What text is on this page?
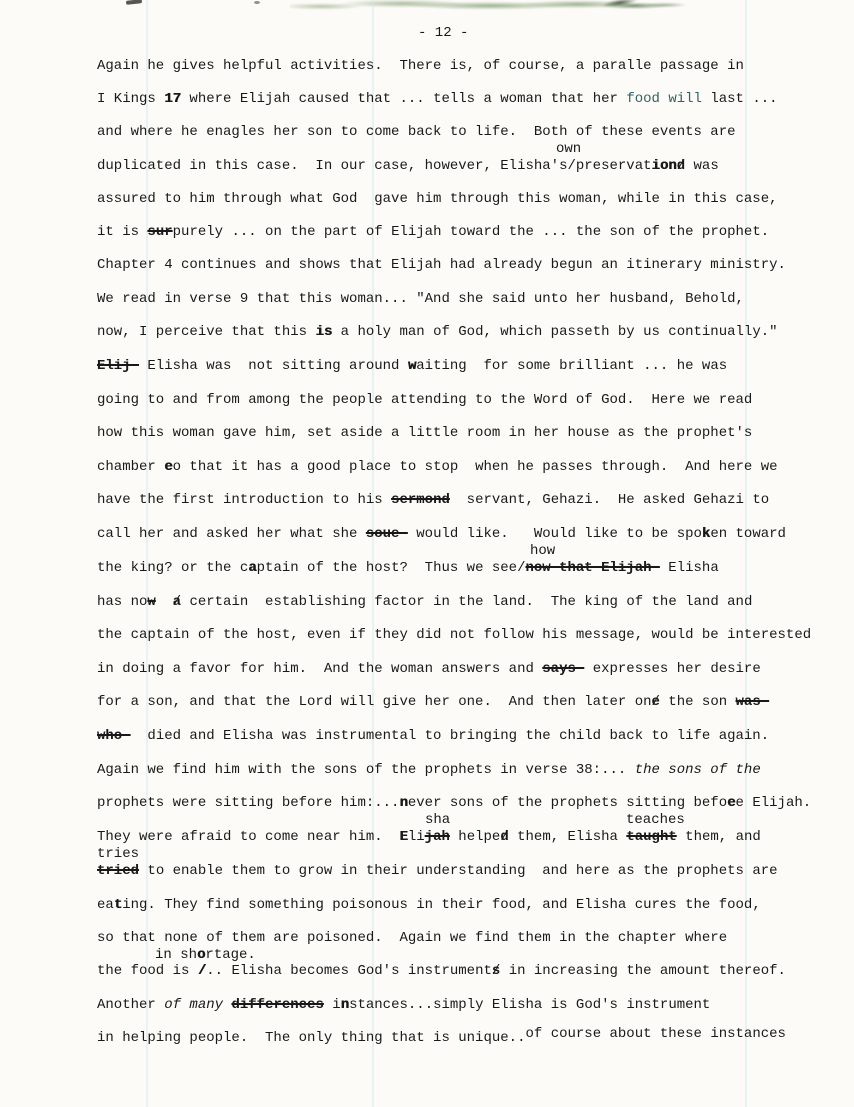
- 12 -
Again he gives helpful activities.  There is, of course, a paralle passage in
I Kings 17 where Elijah caused that ... tells a woman that her food will last ...
and where he enagles her son to come back to life.  Both of these events are
own
duplicated in this case.  In our case, however, Elisha's/preservationd / was
assured to him through what God  gave him through this woman, while in this case,
it is surpurely ... on the part of Elijah toward the ... the son of the prophet.
Chapter 4 continues and shows that Elijah had already begun an itinerary ministry.
We read in verse 9 that this woman... "And she said unto her husband, Behold,
now, I perceive that this is a holy man of God, which passeth by us continually."
Elij- Elisha was  not sitting around waiting  for some brilliant ... he was
going to and from among the people attending to the Word of God.  Here we read
how this woman gave him, set aside a little room in her house as the prophet's
chamber eo that it has a good place to stop  when he passes through.  And here we
have the first introduction to his sermond  servant, Gehazi.  He asked Gehazi to
call her and asked her what she soue- would like.   Would like to be spoken toward
how
the king? or the captain of the host?  Thus we see/now-that-Elijah- Elisha
has now a / certain  establishing factor in the land.  The king of the land and
the captain of the host, even if they did not follow his message, would be interested
in doing a favor for him.  And the woman answers and says- expresses her desire
for a son, and that the Lord will give her one.  And then later one / the son was-
who-  died and Elisha was instrumental to bringing the child back to life again.
Again we find him with the sons of the prophets in verse 38:... the sons of the
prophets were sitting before him:...never sons of the prophets sitting befoee Elijah.
sha	teaches
They were afraid to come near him.  Elijah helped / them, Elisha taught them, and
tries
tried to enable them to grow in their understanding  and here as the prophets are
eating. They find something poisonous in their food, and Elisha cures the food,
so that none of them are poisoned.  Again we find them in the chapter where
in shortage.
the food is /.. Elisha becomes God's instruments / in increasing the amount thereof.
Another of many differences instances...simply Elisha is God's instrument
in helping people.  The only thing that is unique..of course about these instances
